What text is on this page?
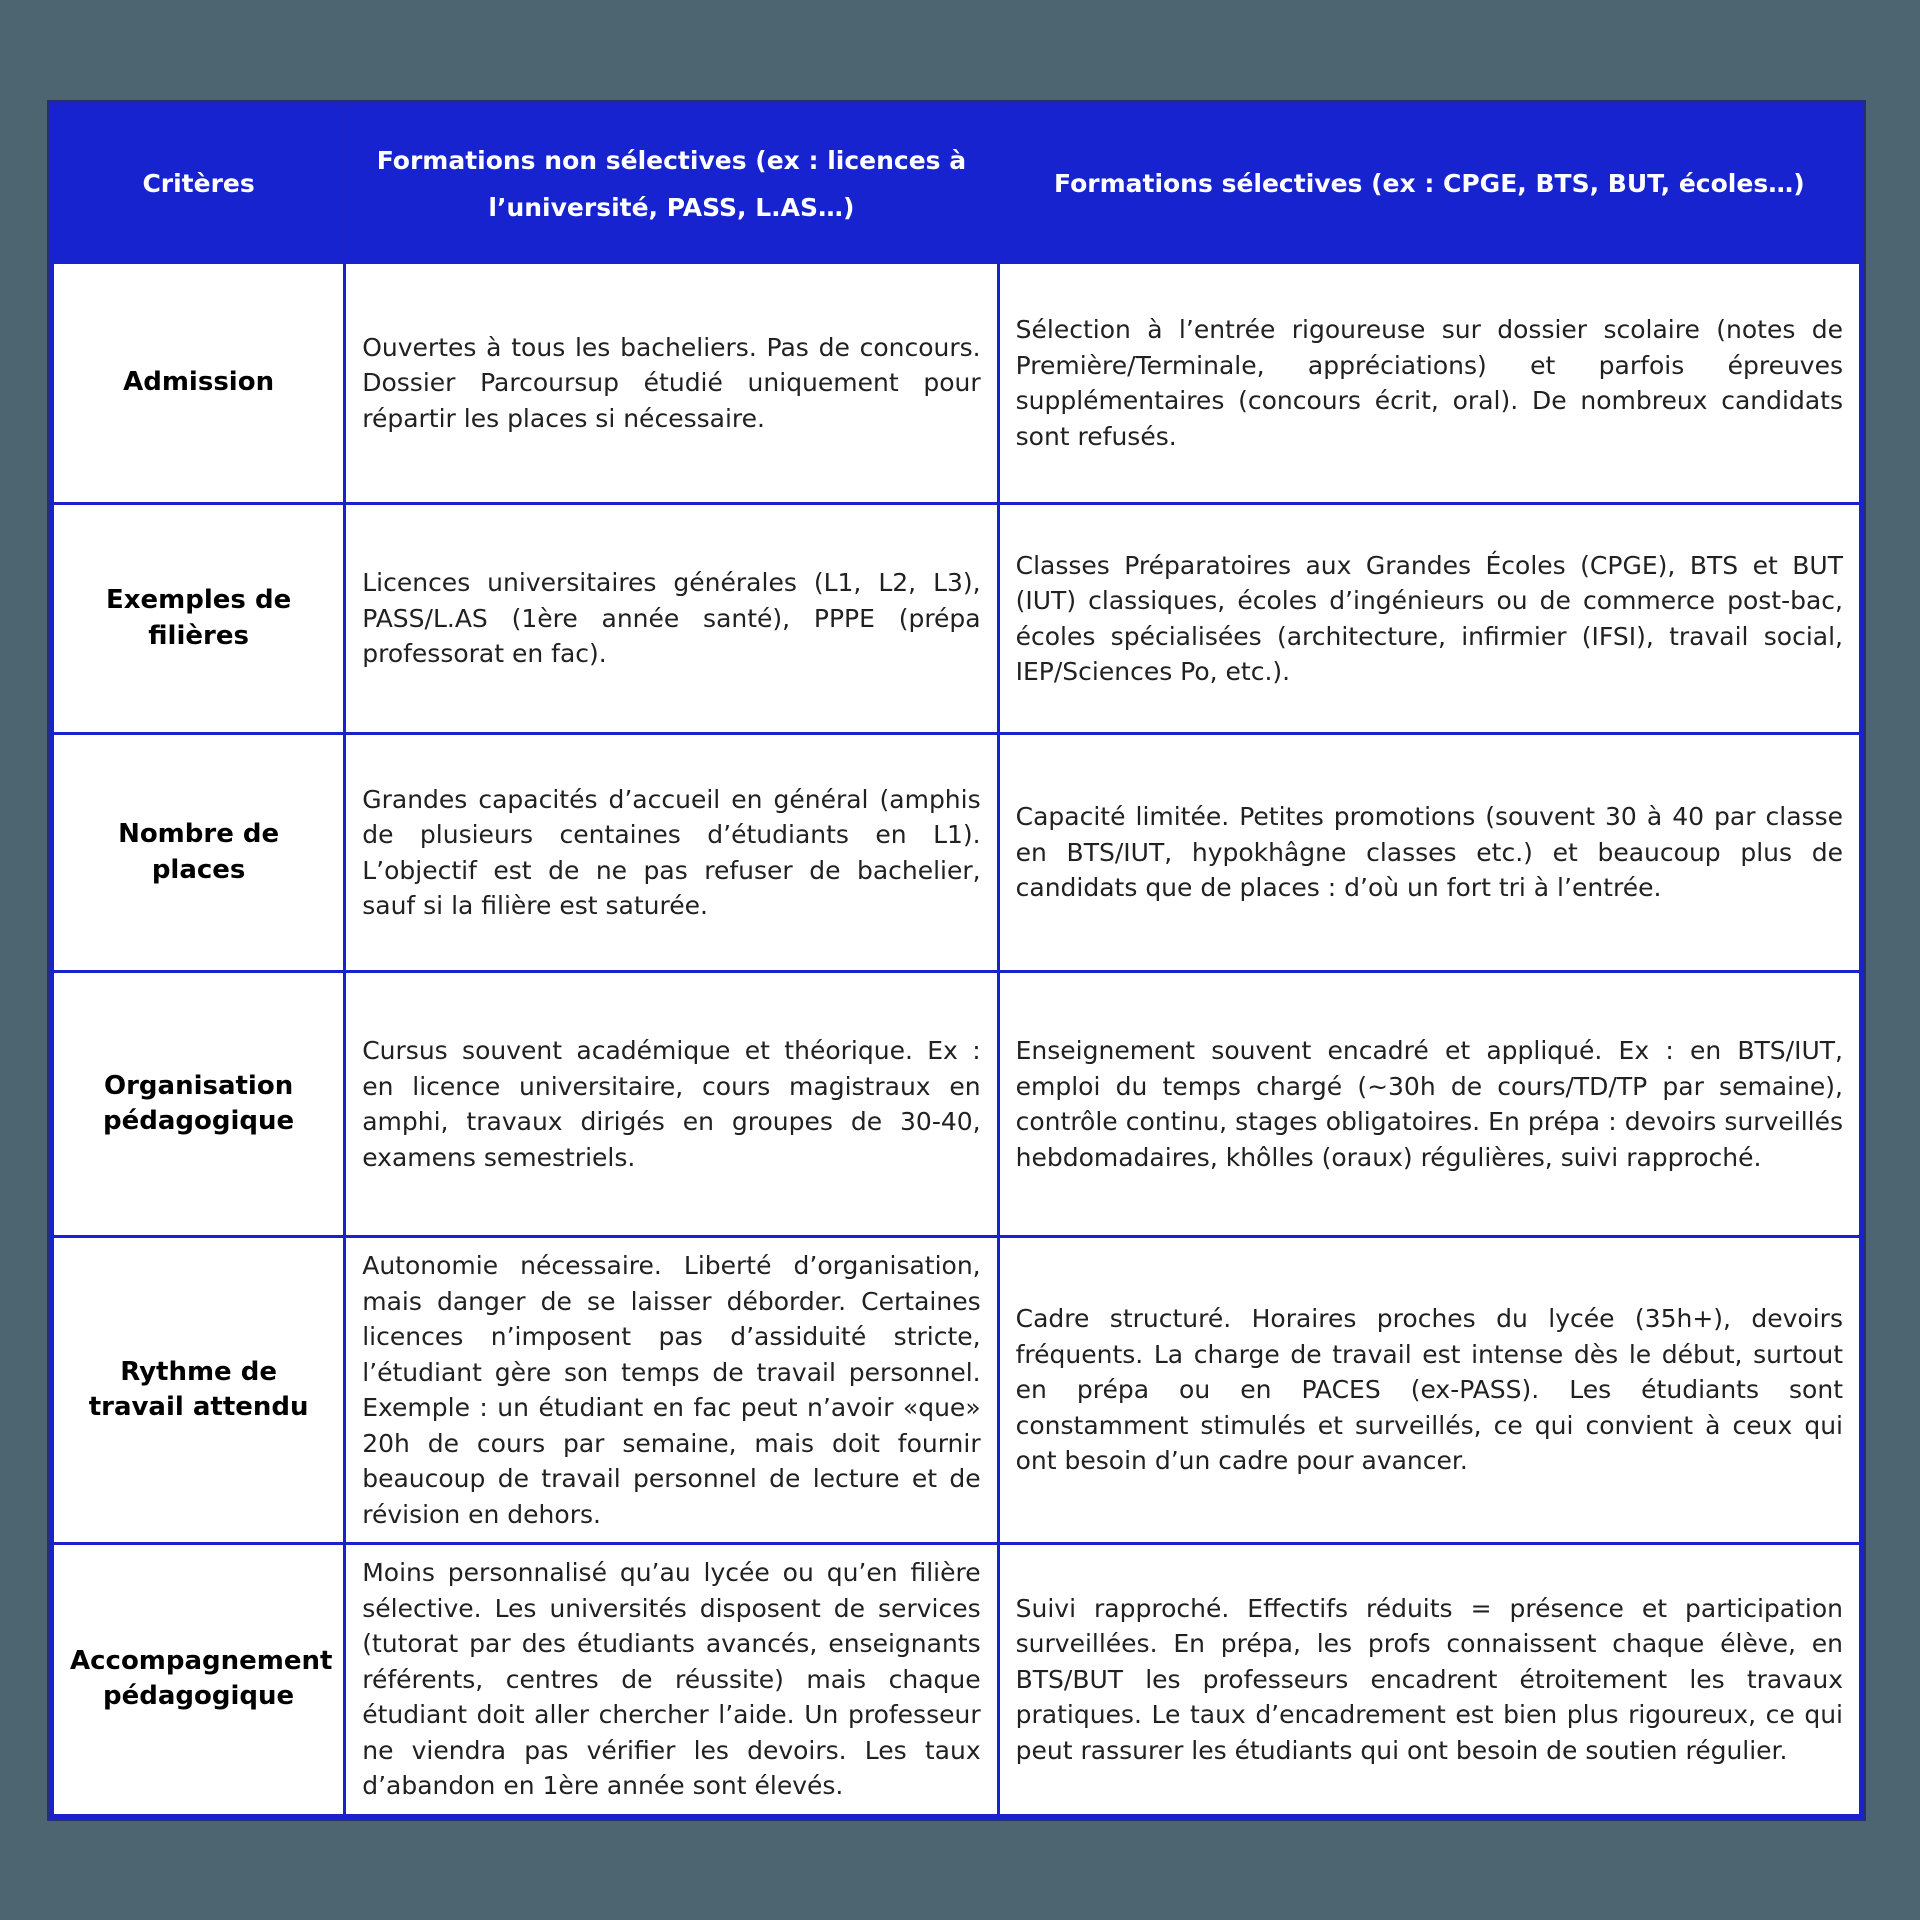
Critères	Formations non sélectives (ex : licences à l’université, PASS, L.AS…)	Formations sélectives (ex : CPGE, BTS, BUT, écoles…)
Admission	Ouvertes à tous les bacheliers. Pas de concours. Dossier Parcoursup étudié uniquement pour répartir les places si nécessaire.	Sélection à l’entrée rigoureuse sur dossier scolaire (notes de Première/Terminale, appréciations) et parfois épreuves supplémentaires (concours écrit, oral). De nombreux candidats sont refusés.
Exemples de filières	Licences universitaires générales (L1, L2, L3), PASS/L.AS (1ère année santé), PPPE (prépa professorat en fac).	Classes Préparatoires aux Grandes Écoles (CPGE), BTS et BUT (IUT) classiques, écoles d’ingénieurs ou de commerce post-bac, écoles spécialisées (architecture, infirmier (IFSI), travail social, IEP/Sciences Po, etc.).
Nombre de places	Grandes capacités d’accueil en général (amphis de plusieurs centaines d’étudiants en L1). L’objectif est de ne pas refuser de bachelier, sauf si la filière est saturée.	Capacité limitée. Petites promotions (souvent 30 à 40 par classe en BTS/IUT, hypokhâgne classes etc.) et beaucoup plus de candidats que de places : d’où un fort tri à l’entrée.
Organisation pédagogique	Cursus souvent académique et théorique. Ex : en licence universitaire, cours magistraux en amphi, travaux dirigés en groupes de 30-40, examens semestriels.	Enseignement souvent encadré et appliqué. Ex : en BTS/IUT, emploi du temps chargé (~30h de cours/TD/TP par semaine), contrôle continu, stages obligatoires. En prépa : devoirs surveillés hebdomadaires, khôlles (oraux) régulières, suivi rapproché.
Rythme de travail attendu	Autonomie nécessaire. Liberté d’organisation, mais danger de se laisser déborder. Certaines licences n’imposent pas d’assiduité stricte, l’étudiant gère son temps de travail personnel. Exemple : un étudiant en fac peut n’avoir «que» 20h de cours par semaine, mais doit fournir beaucoup de travail personnel de lecture et de révision en dehors.	Cadre structuré. Horaires proches du lycée (35h+), devoirs fréquents. La charge de travail est intense dès le début, surtout en prépa ou en PACES (ex-PASS). Les étudiants sont constamment stimulés et surveillés, ce qui convient à ceux qui ont besoin d’un cadre pour avancer.
Accompagnement pédagogique	Moins personnalisé qu’au lycée ou qu’en filière sélective. Les universités disposent de services (tutorat par des étudiants avancés, enseignants référents, centres de réussite) mais chaque étudiant doit aller chercher l’aide. Un professeur ne viendra pas vérifier les devoirs. Les taux d’abandon en 1ère année sont élevés.	Suivi rapproché. Effectifs réduits = présence et participation surveillées. En prépa, les profs connaissent chaque élève, en BTS/BUT les professeurs encadrent étroitement les travaux pratiques. Le taux d’encadrement est bien plus rigoureux, ce qui peut rassurer les étudiants qui ont besoin de soutien régulier.
